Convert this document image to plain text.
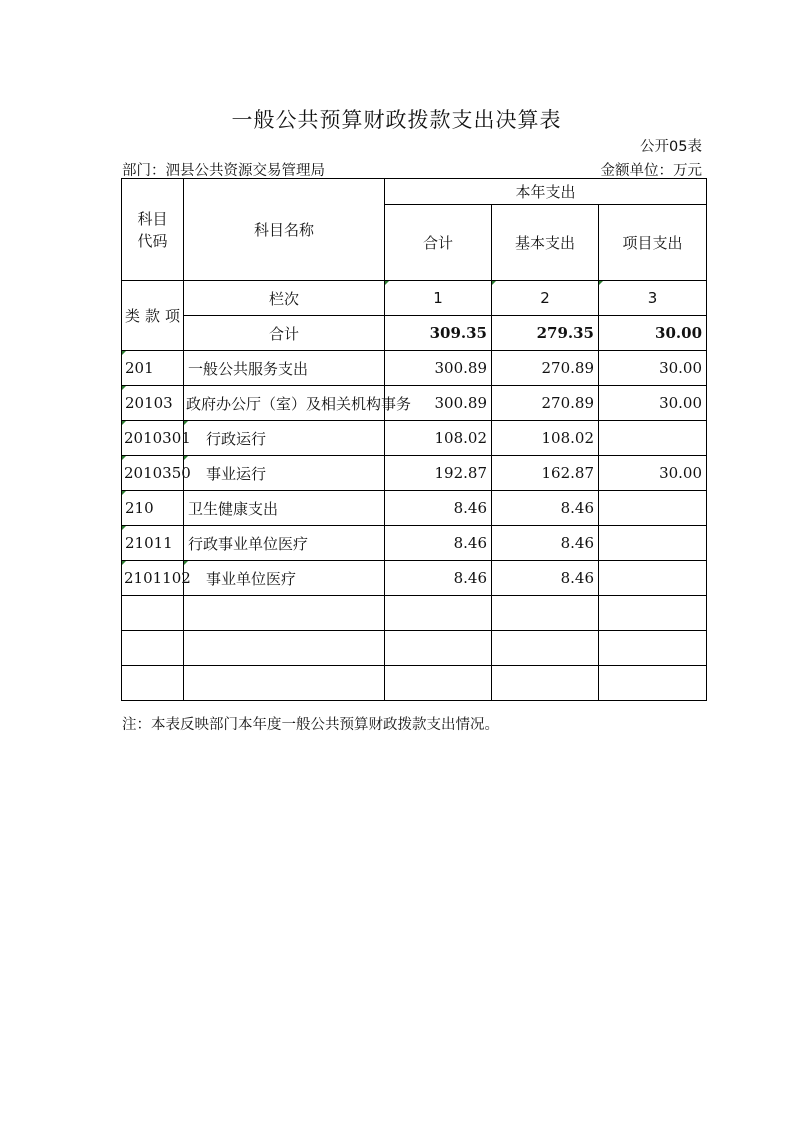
一般公共预算财政拨款支出决算表
公开05表
部门：泗县公共资源交易管理局	金额单位：万元
科目
代码	科目名称	本年支出		
		合计	基本支出	项目支出
类 款 项	栏次	1	2	3
	合计	309.35	279.35	30.00
201	一般公共服务支出	300.89	270.89	30.00
20103	政府办公厅（室）及相关机构事务	300.89	270.89	30.00
2010301	行政运行	108.02	108.02	
2010350	事业运行	192.87	162.87	30.00
210	卫生健康支出	8.46	8.46	
21011	行政事业单位医疗	8.46	8.46	
2101102	事业单位医疗	8.46	8.46	

注：本表反映部门本年度一般公共预算财政拨款支出情况。
